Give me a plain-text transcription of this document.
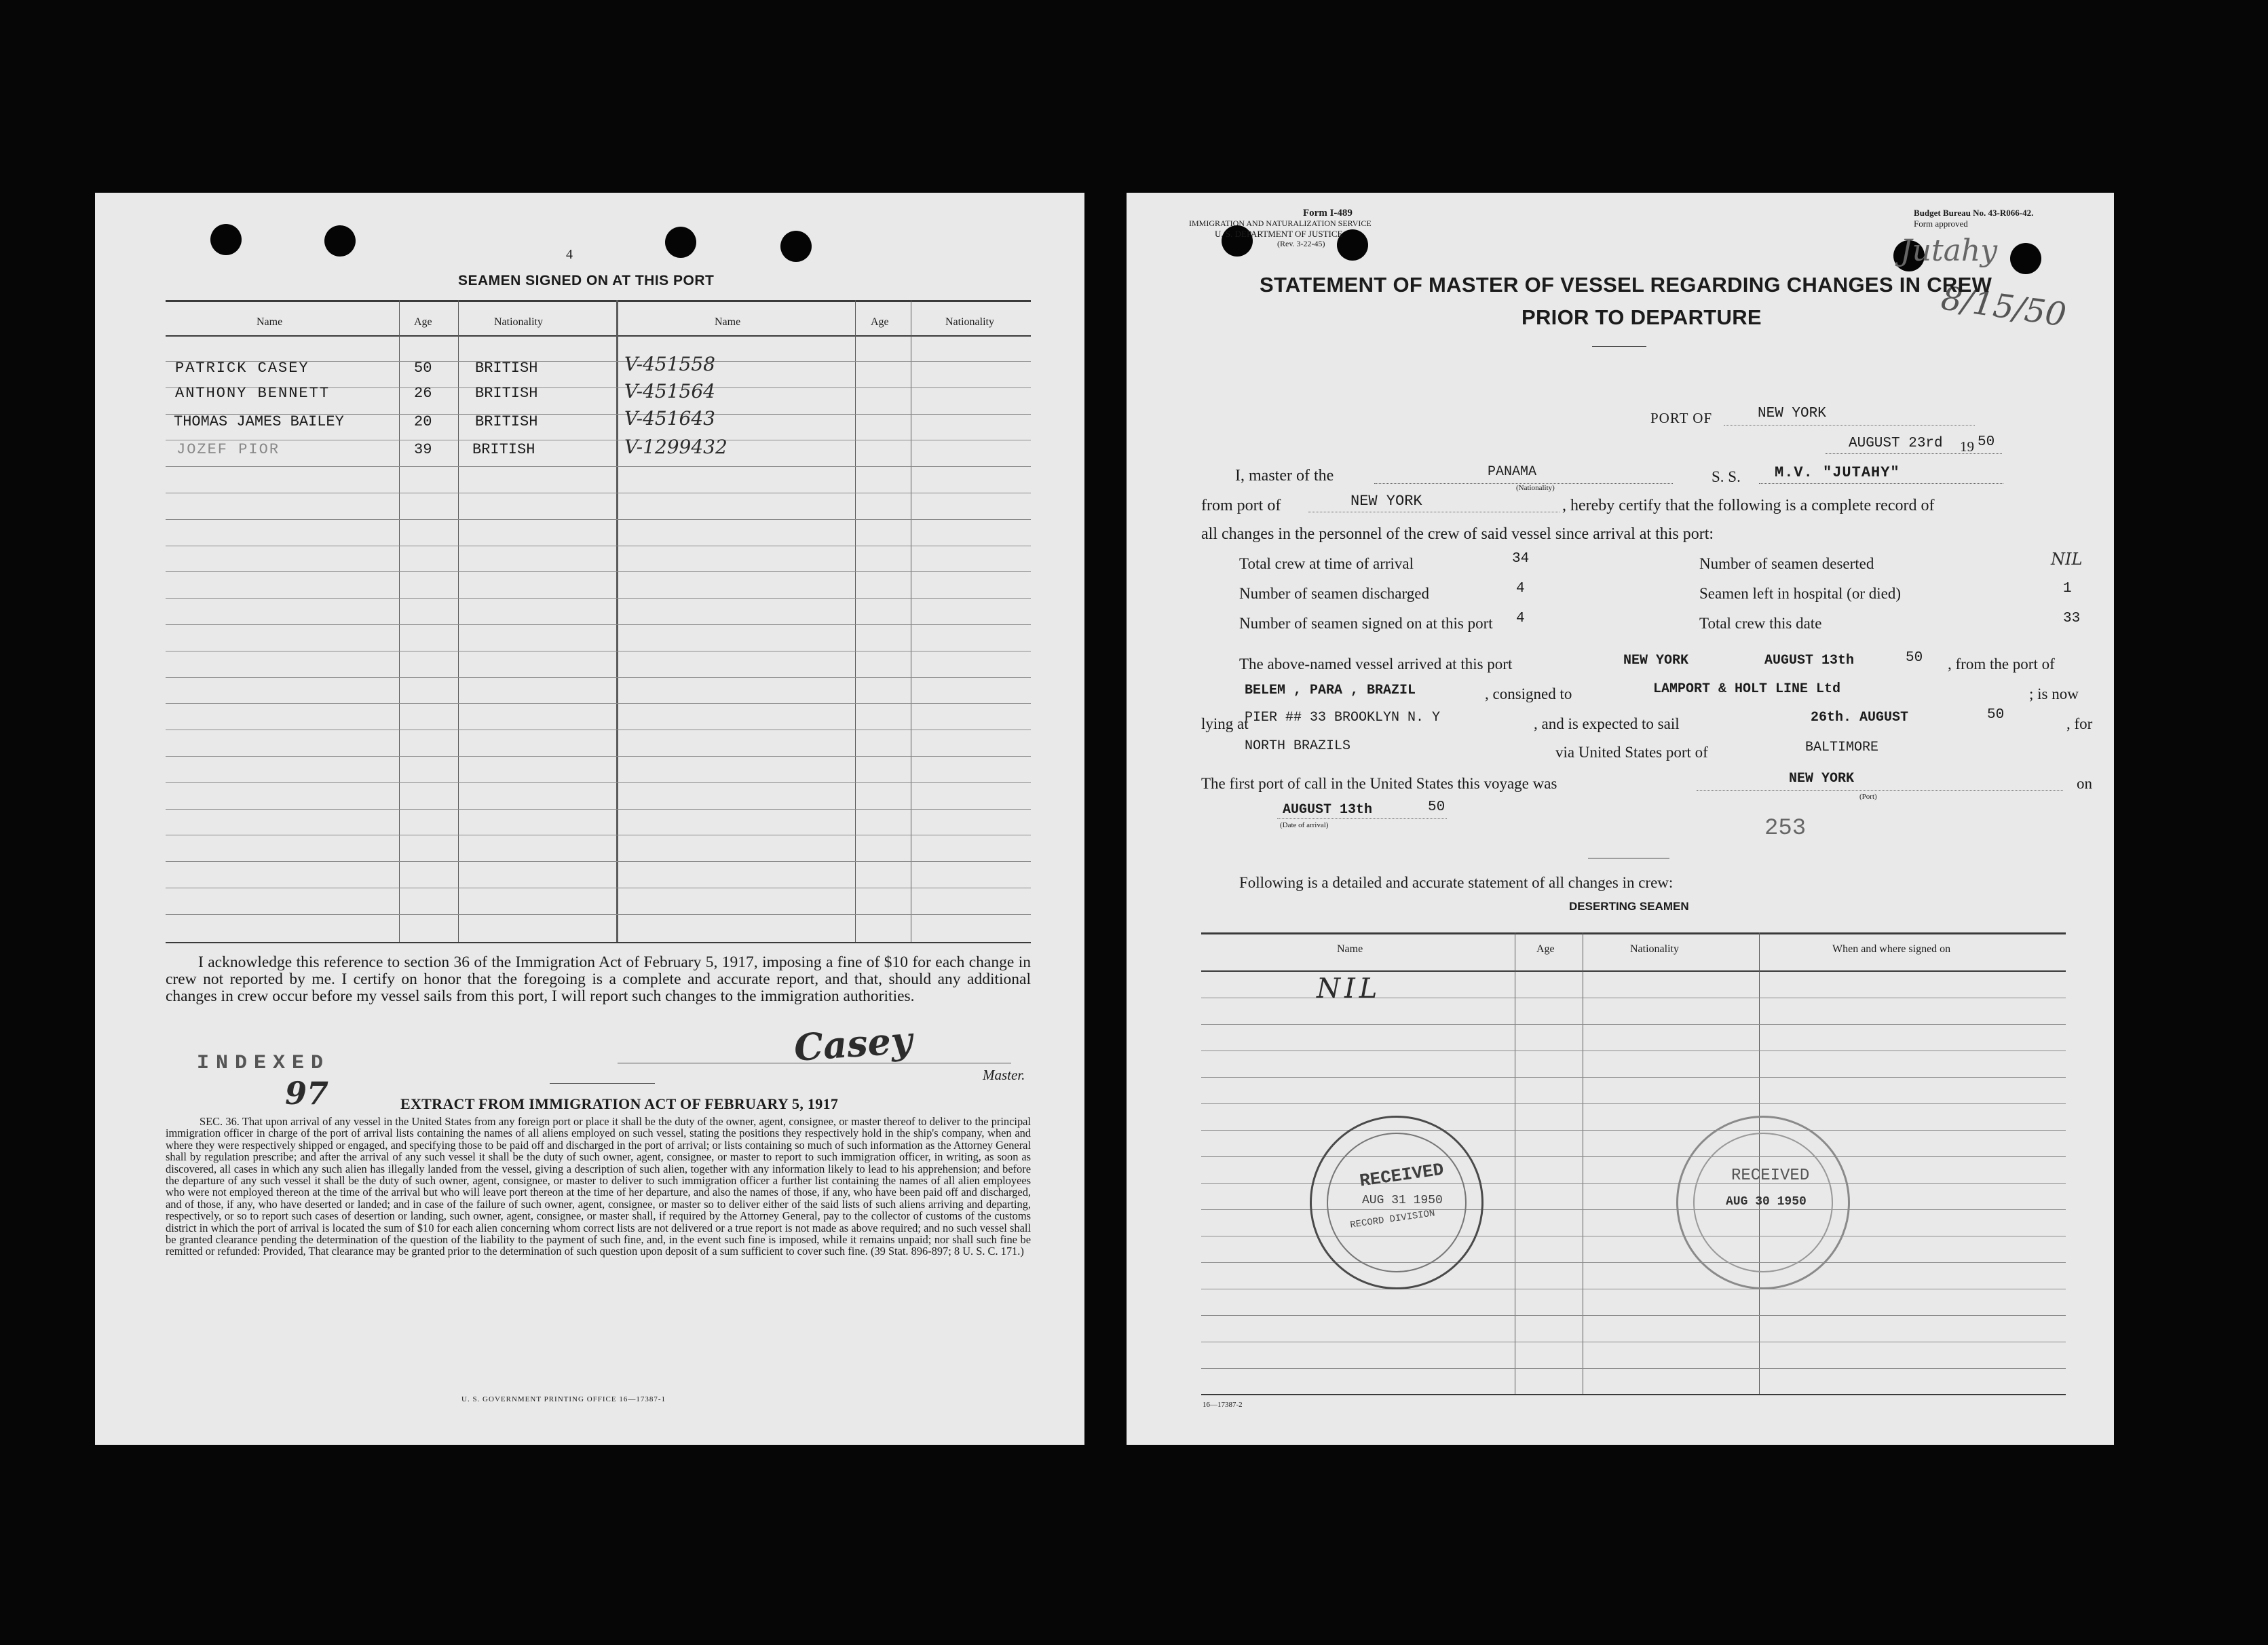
4
SEAMEN SIGNED ON AT THIS PORT
Name	Age	Nationality	Name	Age	Nationality
PATRICK CASEY	50	BRITISH	V-451558
ANTHONY BENNETT	26	BRITISH	V-451564
THOMAS JAMES BAILEY	20	BRITISH	V-451643
JOZEF PIOR	39	BRITISH	V-1299432
I acknowledge this reference to section 36 of the Immigration Act of February 5, 1917, imposing a fine of $10 for each change in crew not reported by me. I certify on honor that the foregoing is a complete and accurate report, and that, should any additional changes in crew occur before my vessel sails from this port, I will report such changes to the immigration authorities.
Casey
Master.
INDEXED
97	EXTRACT FROM IMMIGRATION ACT OF FEBRUARY 5, 1917
SEC. 36. That upon arrival of any vessel in the United States from any foreign port or place it shall be the duty of the owner, agent, consignee, or master thereof to deliver to the principal immigration officer in charge of the port of arrival lists containing the names of all aliens employed on such vessel, stating the positions they respectively hold in the ship's company, when and where they were respectively shipped or engaged, and specifying those to be paid off and discharged in the port of arrival; or lists containing so much of such information as the Attorney General shall by regulation prescribe; and after the arrival of any such vessel it shall be the duty of such owner, agent, consignee, or master to report to such immigration officer, in writing, as soon as discovered, all cases in which any such alien has illegally landed from the vessel, giving a description of such alien, together with any information likely to lead to his apprehension; and before the departure of any such vessel it shall be the duty of such owner, agent, consignee, or master to deliver to such immigration officer a further list containing the names of all alien employees who were not employed thereon at the time of the arrival but who will leave port thereon at the time of her departure, and also the names of those, if any, who have been paid off and discharged, and of those, if any, who have deserted or landed; and in case of the failure of such owner, agent, consignee, or master so to deliver either of the said lists of such aliens arriving and departing, respectively, or so to report such cases of desertion or landing, such owner, agent, consignee, or master shall, if required by the Attorney General, pay to the collector of customs of the customs district in which the port of arrival is located the sum of $10 for each alien concerning whom correct lists are not delivered or a true report is not made as above required; and no such vessel shall be granted clearance pending the determination of the question of the liability to the payment of such fine, and, in the event such fine is imposed, while it remains unpaid; nor shall such fine be remitted or refunded: Provided, That clearance may be granted prior to the determination of such question upon deposit of a sum sufficient to cover such fine. (39 Stat. 896-897; 8 U. S. C. 171.)
U. S. GOVERNMENT PRINTING OFFICE 16—17387-1
Form I-489
IMMIGRATION AND NATURALIZATION SERVICE
U. S. DEPARTMENT OF JUSTICE
(Rev. 3-22-45)
Budget Bureau No. 43-R066-42.
Form approved
Jutahy
8/15/50
STATEMENT OF MASTER OF VESSEL REGARDING CHANGES IN CREW
PRIOR TO DEPARTURE
PORT OF	NEW YORK
AUGUST 23rd 19 50
I, master of the	PANAMA
(Nationality)
S. S. M.V. "JUTAHY"
from port of	NEW YORK	, hereby certify that the following is a complete record of
all changes in the personnel of the crew of said vessel since arrival at this port:
Total crew at time of arrival	34
Number of seamen discharged	4
Number of seamen signed on at this port 4
Number of seamen deserted	NIL
Seamen left in hospital (or died)	1
Total crew this date	33
The above-named vessel arrived at this port	NEW YORK	AUGUST 13th	50 , from the port of
BELEM , PARA , BRAZIL	, consigned to	LAMPORT & HOLT LINE Ltd	; is now
lying at
PIER ## 33 BROOKLYN N. Y	, and is expected to sail	26th. AUGUST	50
, for
NORTH BRAZILS	via United States port of	BALTIMORE
The first port of call in the United States this voyage was	NEW YORK
(Port)
on
AUGUST 13th	50
(Date of arrival)	253
Following is a detailed and accurate statement of all changes in crew:
DESERTING SEAMEN
Name	Age	Nationality	When and where signed on
NIL
RECEIVED
AUG 31 1950
RECORD DIVISION
RECEIVED
AUG 30 1950
16—17387-2
